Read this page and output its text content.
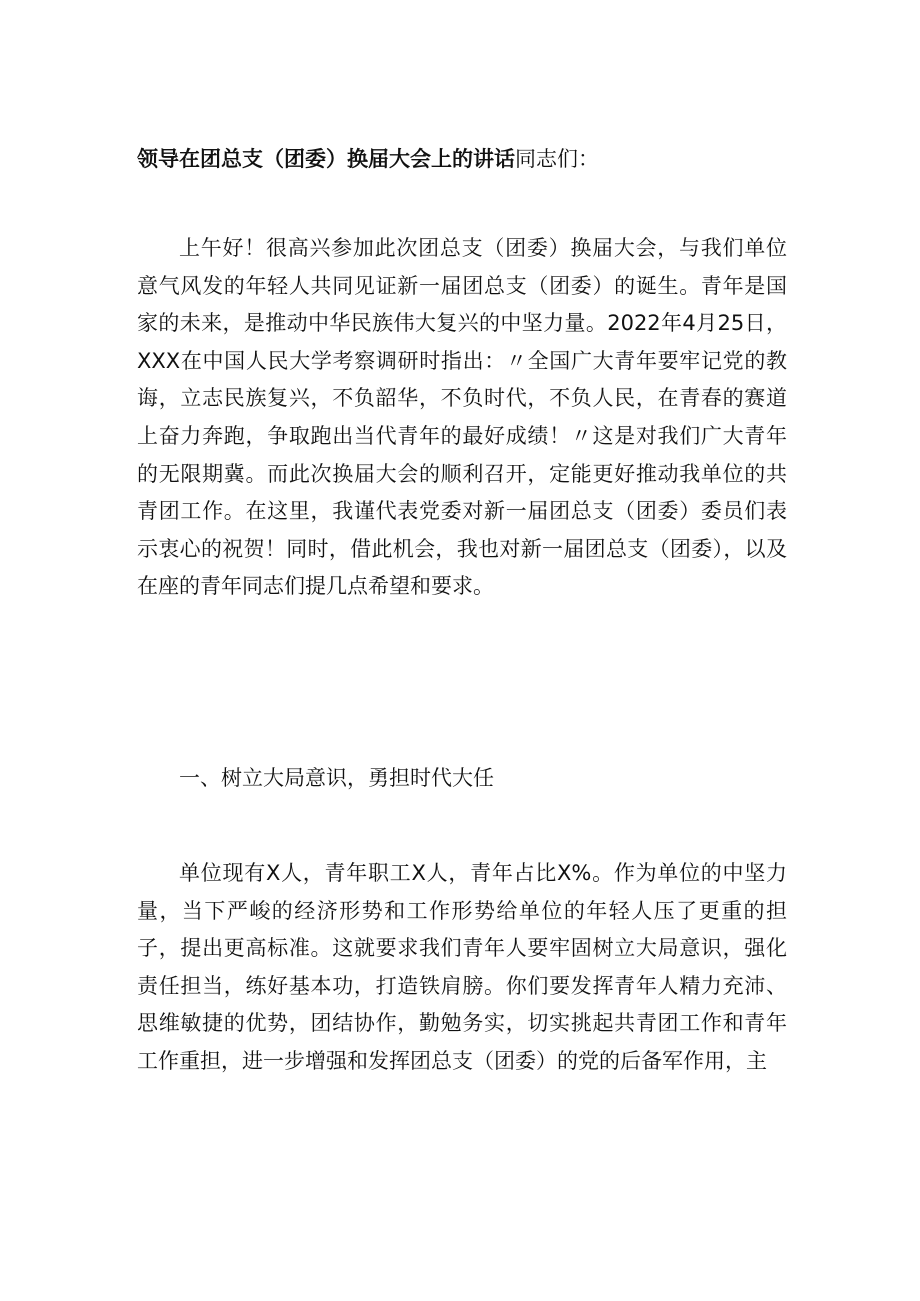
领导在团总支（团委）换届大会上的讲话同志们：

上午好！很高兴参加此次团总支（团委）换届大会，与我们单位意气风发的年轻人共同见证新一届团总支（团委）的诞生。青年是国家的未来，是推动中华民族伟大复兴的中坚力量。2022年4月25日，XXX在中国人民大学考察调研时指出：〃全国广大青年要牢记党的教诲，立志民族复兴，不负韶华，不负时代，不负人民，在青春的赛道上奋力奔跑，争取跑出当代青年的最好成绩！〃这是对我们广大青年的无限期冀。而此次换届大会的顺利召开，定能更好推动我单位的共青团工作。在这里，我谨代表党委对新一届团总支（团委）委员们表示衷心的祝贺！同时，借此机会，我也对新一届团总支（团委），以及在座的青年同志们提几点希望和要求。

一、树立大局意识，勇担时代大任

单位现有X人，青年职工X人，青年占比X%。作为单位的中坚力量，当下严峻的经济形势和工作形势给单位的年轻人压了更重的担子，提出更高标准。这就要求我们青年人要牢固树立大局意识，强化责任担当，练好基本功，打造铁肩膀。你们要发挥青年人精力充沛、思维敏捷的优势，团结协作，勤勉务实，切实挑起共青团工作和青年工作重担，进一步增强和发挥团总支（团委）的党的后备军作用，主
